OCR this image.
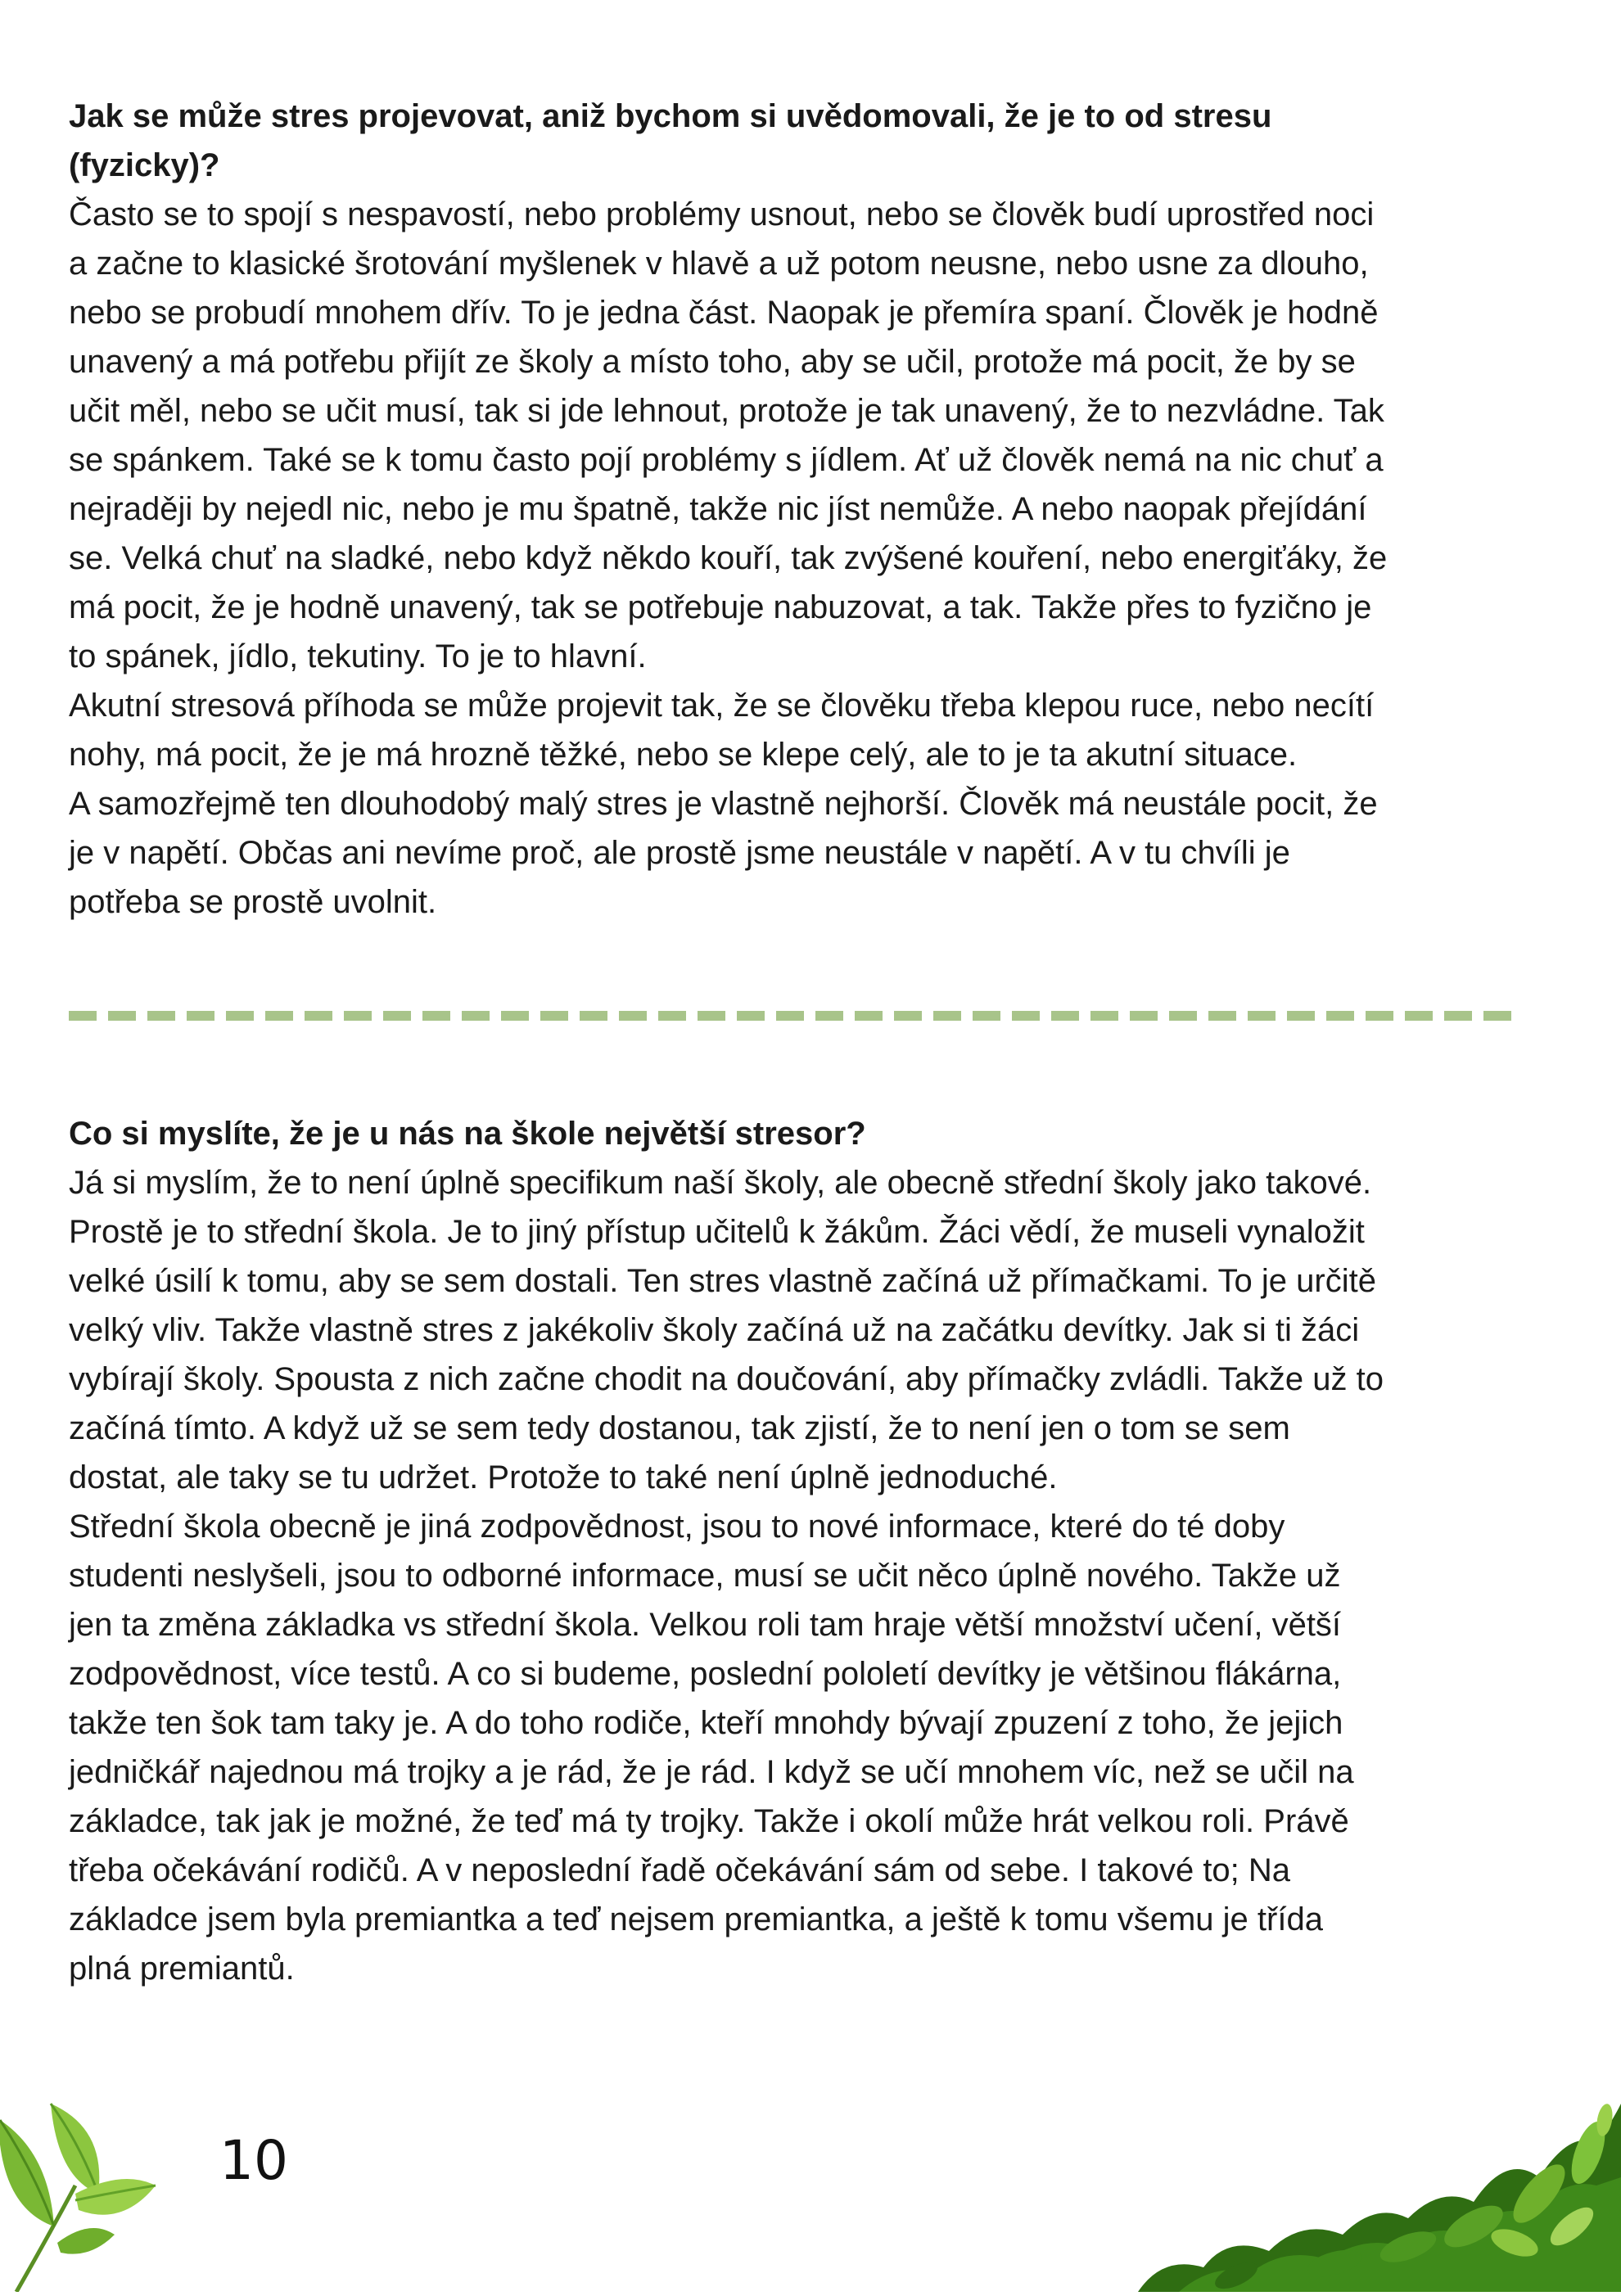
Jak se může stres projevovat, aniž bychom si uvědomovali, že je to od stresu
(fyzicky)?

Často se to spojí s nespavostí, nebo problémy usnout, nebo se člověk budí uprostřed noci
a začne to klasické šrotování myšlenek v hlavě a už potom neusne, nebo usne za dlouho,
nebo se probudí mnohem dřív. To je jedna část. Naopak je přemíra spaní. Člověk je hodně
unavený a má potřebu přijít ze školy a místo toho, aby se učil, protože má pocit, že by se
učit měl, nebo se učit musí, tak si jde lehnout, protože je tak unavený, že to nezvládne. Tak
se spánkem. Také se k tomu často pojí problémy s jídlem. Ať už člověk nemá na nic chuť a
nejraději by nejedl nic, nebo je mu špatně, takže nic jíst nemůže. A nebo naopak přejídání
se. Velká chuť na sladké, nebo když někdo kouří, tak zvýšené kouření, nebo energiťáky, že
má pocit, že je hodně unavený, tak se potřebuje nabuzovat, a tak. Takže přes to fyzično je
to spánek, jídlo, tekutiny. To je to hlavní.

Akutní stresová příhoda se může projevit tak, že se člověku třeba klepou ruce, nebo necítí
nohy, má pocit, že je má hrozně těžké, nebo se klepe celý, ale to je ta akutní situace.

A samozřejmě ten dlouhodobý malý stres je vlastně nejhorší. Člověk má neustále pocit, že
je v napětí. Občas ani nevíme proč, ale prostě jsme neustále v napětí. A v tu chvíli je
potřeba se prostě uvolnit.

Co si myslíte, že je u nás na škole největší stresor?

Já si myslím, že to není úplně specifikum naší školy, ale obecně střední školy jako takové.
Prostě je to střední škola. Je to jiný přístup učitelů k žákům. Žáci vědí, že museli vynaložit
velké úsilí k tomu, aby se sem dostali. Ten stres vlastně začíná už přímačkami. To je určitě
velký vliv. Takže vlastně stres z jakékoliv školy začíná už na začátku devítky. Jak si ti žáci
vybírají školy. Spousta z nich začne chodit na doučování, aby přímačky zvládli. Takže už to
začíná tímto. A když už se sem tedy dostanou, tak zjistí, že to není jen o tom se sem
dostat, ale taky se tu udržet. Protože to také není úplně jednoduché.

Střední škola obecně je jiná zodpovědnost, jsou to nové informace, které do té doby
studenti neslyšeli, jsou to odborné informace, musí se učit něco úplně nového. Takže už
jen ta změna základka vs střední škola. Velkou roli tam hraje větší množství učení, větší
zodpovědnost, více testů. A co si budeme, poslední pololetí devítky je většinou flákárna,
takže ten šok tam taky je. A do toho rodiče, kteří mnohdy bývají zpuzení z toho, že jejich
jedničkář najednou má trojky a je rád, že je rád. I když se učí mnohem víc, než se učil na
základce, tak jak je možné, že teď má ty trojky. Takže i okolí může hrát velkou roli. Právě
třeba očekávání rodičů. A v neposlední řadě očekávání sám od sebe. I takové to; Na
základce jsem byla premiantka a teď nejsem premiantka, a ještě k tomu všemu je třída
plná premiantů.

10
